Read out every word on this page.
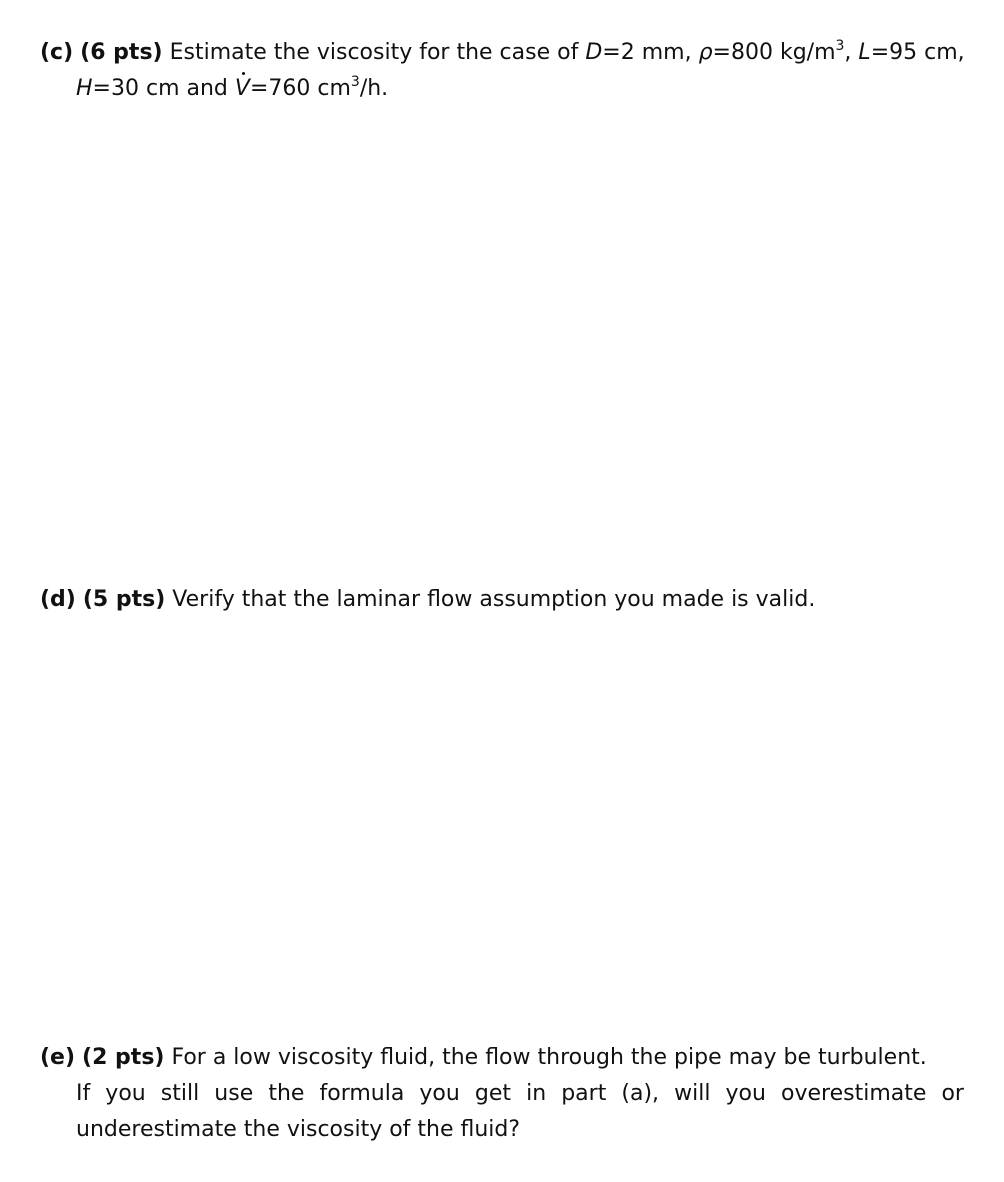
(c) (6 pts) Estimate the viscosity for the case of D=2 mm, ρ=800 $kg/m^3$, L=95 cm,
H=30 cm and V=760 $cm^3/h$.
(d) (5 pts) Verify that the laminar flow assumption you made is valid.
(e) (2 pts) For a low viscosity fluid, the flow through the pipe may be turbulent.
If you still use the formula you get in part (a), will you overestimate or
underestimate the viscosity of the fluid?
